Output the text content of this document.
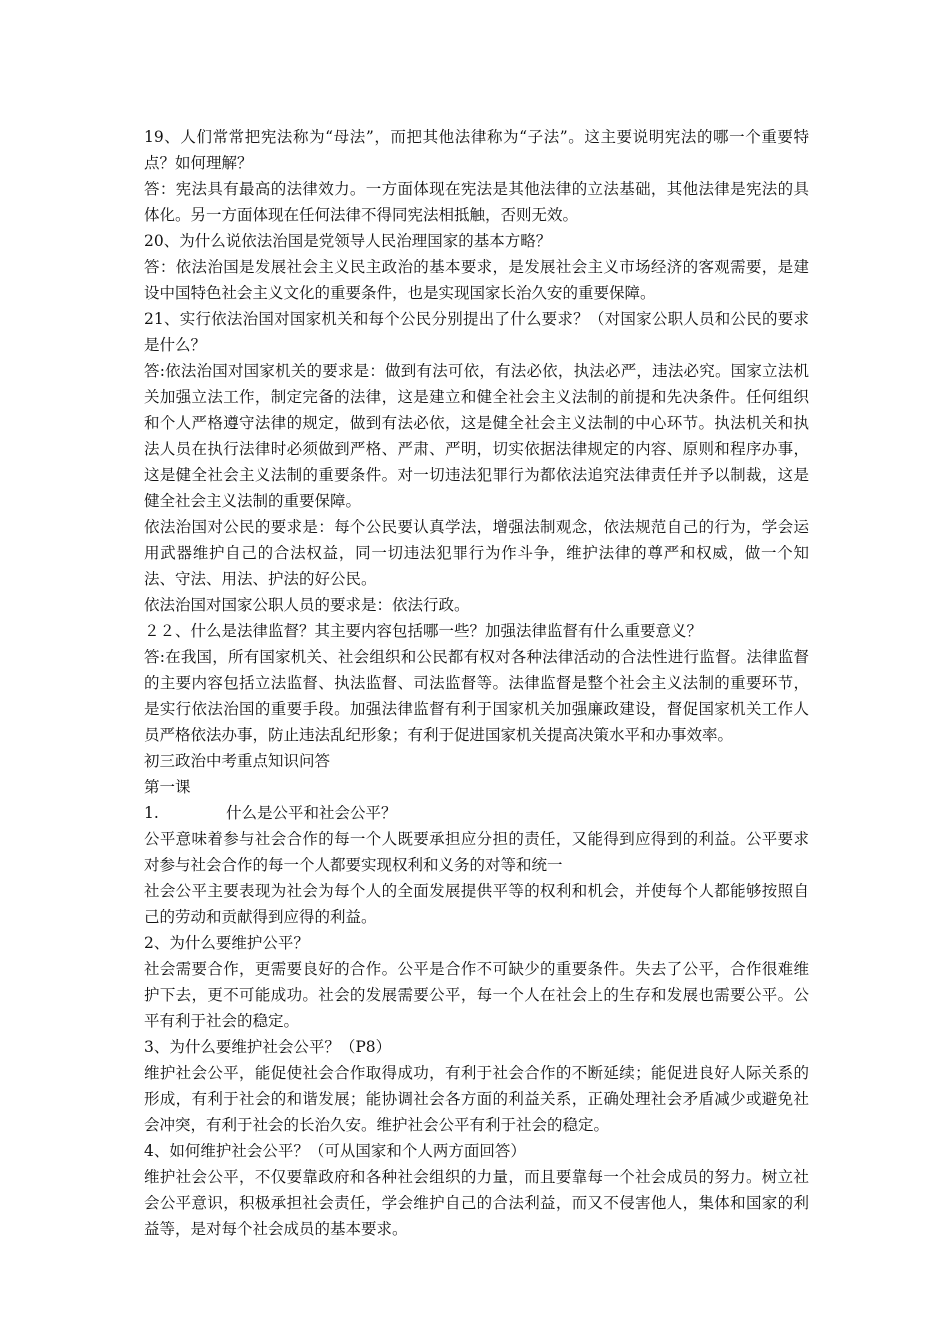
19、人们常常把宪法称为“母法”，而把其他法律称为“子法”。这主要说明宪法的哪一个重要特点？如何理解？

答：宪法具有最高的法律效力。一方面体现在宪法是其他法律的立法基础，其他法律是宪法的具体化。另一方面体现在任何法律不得同宪法相抵触，否则无效。

20、为什么说依法治国是党领导人民治理国家的基本方略？

答：依法治国是发展社会主义民主政治的基本要求，是发展社会主义市场经济的客观需要，是建设中国特色社会主义文化的重要条件，也是实现国家长治久安的重要保障。

21、实行依法治国对国家机关和每个公民分别提出了什么要求？（对国家公职人员和公民的要求是什么？

答:依法治国对国家机关的要求是：做到有法可依，有法必依，执法必严，违法必究。国家立法机关加强立法工作，制定完备的法律，这是建立和健全社会主义法制的前提和先决条件。任何组织和个人严格遵守法律的规定，做到有法必依，这是健全社会主义法制的中心环节。执法机关和执法人员在执行法律时必须做到严格、严肃、严明，切实依据法律规定的内容、原则和程序办事，这是健全社会主义法制的重要条件。对一切违法犯罪行为都依法追究法律责任并予以制裁，这是健全社会主义法制的重要保障。

依法治国对公民的要求是：每个公民要认真学法，增强法制观念，依法规范自己的行为，学会运用武器维护自己的合法权益，同一切违法犯罪行为作斗争，维护法律的尊严和权威，做一个知法、守法、用法、护法的好公民。

依法治国对国家公职人员的要求是：依法行政。

２２、什么是法律监督？其主要内容包括哪一些？加强法律监督有什么重要意义？

答:在我国，所有国家机关、社会组织和公民都有权对各种法律活动的合法性进行监督。法律监督的主要内容包括立法监督、执法监督、司法监督等。法律监督是整个社会主义法制的重要环节，是实行依法治国的重要手段。加强法律监督有利于国家机关加强廉政建设，督促国家机关工作人员严格依法办事，防止违法乱纪形象；有利于促进国家机关提高决策水平和办事效率。

初三政治中考重点知识问答

第一课

1.	什么是公平和社会公平？

公平意味着参与社会合作的每一个人既要承担应分担的责任，又能得到应得到的利益。公平要求对参与社会合作的每一个人都要实现权利和义务的对等和统一

社会公平主要表现为社会为每个人的全面发展提供平等的权利和机会，并使每个人都能够按照自己的劳动和贡献得到应得的利益。

2、为什么要维护公平？

社会需要合作，更需要良好的合作。公平是合作不可缺少的重要条件。失去了公平，合作很难维护下去，更不可能成功。社会的发展需要公平，每一个人在社会上的生存和发展也需要公平。公平有利于社会的稳定。

3、为什么要维护社会公平？（P8）

维护社会公平，能促使社会合作取得成功，有利于社会合作的不断延续；能促进良好人际关系的形成，有利于社会的和谐发展；能协调社会各方面的利益关系，正确处理社会矛盾减少或避免社会冲突，有利于社会的长治久安。维护社会公平有利于社会的稳定。

4、如何维护社会公平？（可从国家和个人两方面回答）

维护社会公平，不仅要靠政府和各种社会组织的力量，而且要靠每一个社会成员的努力。树立社会公平意识，积极承担社会责任，学会维护自己的合法利益，而又不侵害他人，集体和国家的利益等，是对每个社会成员的基本要求。
